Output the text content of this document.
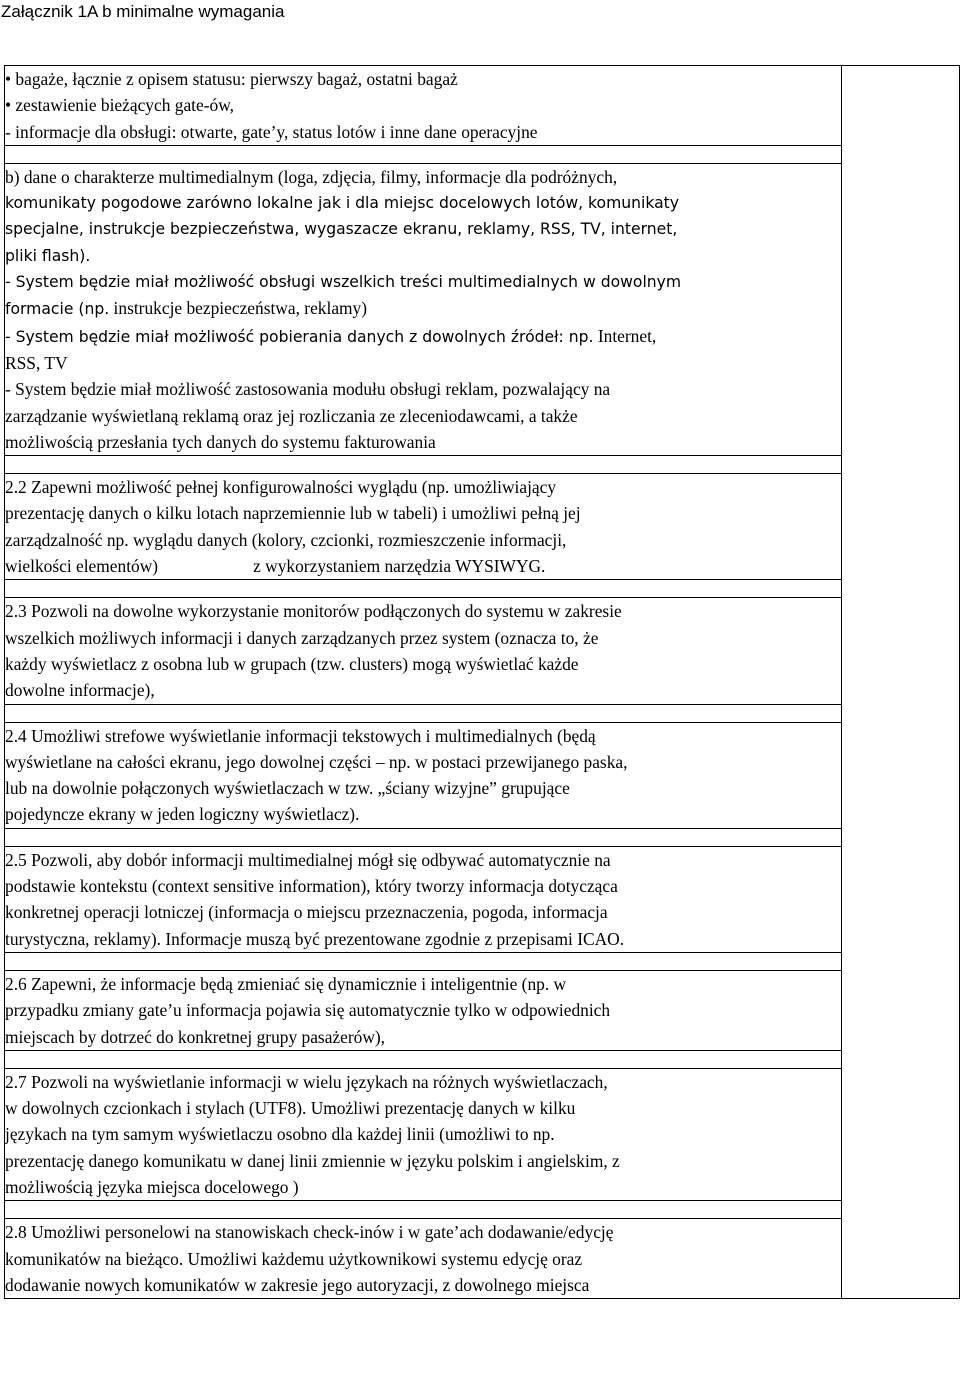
Załącznik 1A b minimalne wymagania
• bagaże, łącznie z opisem statusu: pierwszy bagaż, ostatni bagaż
• zestawienie bieżących gate-ów,
- informacje dla obsługi: otwarte, gate’y, status lotów i inne dane operacyjne

b) dane o charakterze multimedialnym (loga, zdjęcia, filmy, informacje dla podróżnych,
komunikaty pogodowe zarówno lokalne jak i dla miejsc docelowych lotów, komunikaty
specjalne, instrukcje bezpieczeństwa, wygaszacze ekranu, reklamy, RSS, TV, internet,
pliki flash).
- System będzie miał możliwość obsługi wszelkich treści multimedialnych w dowolnym
formacie (np. instrukcje bezpieczeństwa, reklamy)
- System będzie miał możliwość pobierania danych z dowolnych źródeł: np. Internet,
RSS, TV
- System będzie miał możliwość zastosowania modułu obsługi reklam, pozwalający na
zarządzanie wyświetlaną reklamą oraz jej rozliczania ze zleceniodawcami, a także
możliwością przesłania tych danych do systemu fakturowania

2.2 Zapewni możliwość pełnej konfigurowalności wyglądu (np. umożliwiający
prezentację danych o kilku lotach naprzemiennie lub w tabeli) i umożliwi pełną jej
zarządzalność np. wyglądu danych (kolory, czcionki, rozmieszczenie informacji,
wielkości elementów)	z wykorzystaniem narzędzia WYSIWYG.

2.3 Pozwoli na dowolne wykorzystanie monitorów podłączonych do systemu w zakresie
wszelkich możliwych informacji i danych zarządzanych przez system (oznacza to, że
każdy wyświetlacz z osobna lub w grupach (tzw. clusters) mogą wyświetlać każde
dowolne informacje),

2.4 Umożliwi strefowe wyświetlanie informacji tekstowych i multimedialnych (będą
wyświetlane na całości ekranu, jego dowolnej części – np. w postaci przewijanego paska,
lub na dowolnie połączonych wyświetlaczach w tzw. „ściany wizyjne” grupujące
pojedyncze ekrany w jeden logiczny wyświetlacz).

2.5 Pozwoli, aby dobór informacji multimedialnej mógł się odbywać automatycznie na
podstawie kontekstu (context sensitive information), który tworzy informacja dotycząca
konkretnej operacji lotniczej (informacja o miejscu przeznaczenia, pogoda, informacja
turystyczna, reklamy). Informacje muszą być prezentowane zgodnie z przepisami ICAO.

2.6 Zapewni, że informacje będą zmieniać się dynamicznie i inteligentnie (np. w
przypadku zmiany gate’u informacja pojawia się automatycznie tylko w odpowiednich
miejscach by dotrzeć do konkretnej grupy pasażerów),

2.7 Pozwoli na wyświetlanie informacji w wielu językach na różnych wyświetlaczach,
w dowolnych czcionkach i stylach (UTF8). Umożliwi prezentację danych w kilku
językach na tym samym wyświetlaczu osobno dla każdej linii (umożliwi to np.
prezentację danego komunikatu w danej linii zmiennie w języku polskim i angielskim, z
możliwością języka miejsca docelowego )

2.8 Umożliwi personelowi na stanowiskach check-inów i w gate’ach dodawanie/edycję
komunikatów na bieżąco. Umożliwi każdemu użytkownikowi systemu edycję oraz
dodawanie nowych komunikatów w zakresie jego autoryzacji, z dowolnego miejsca
